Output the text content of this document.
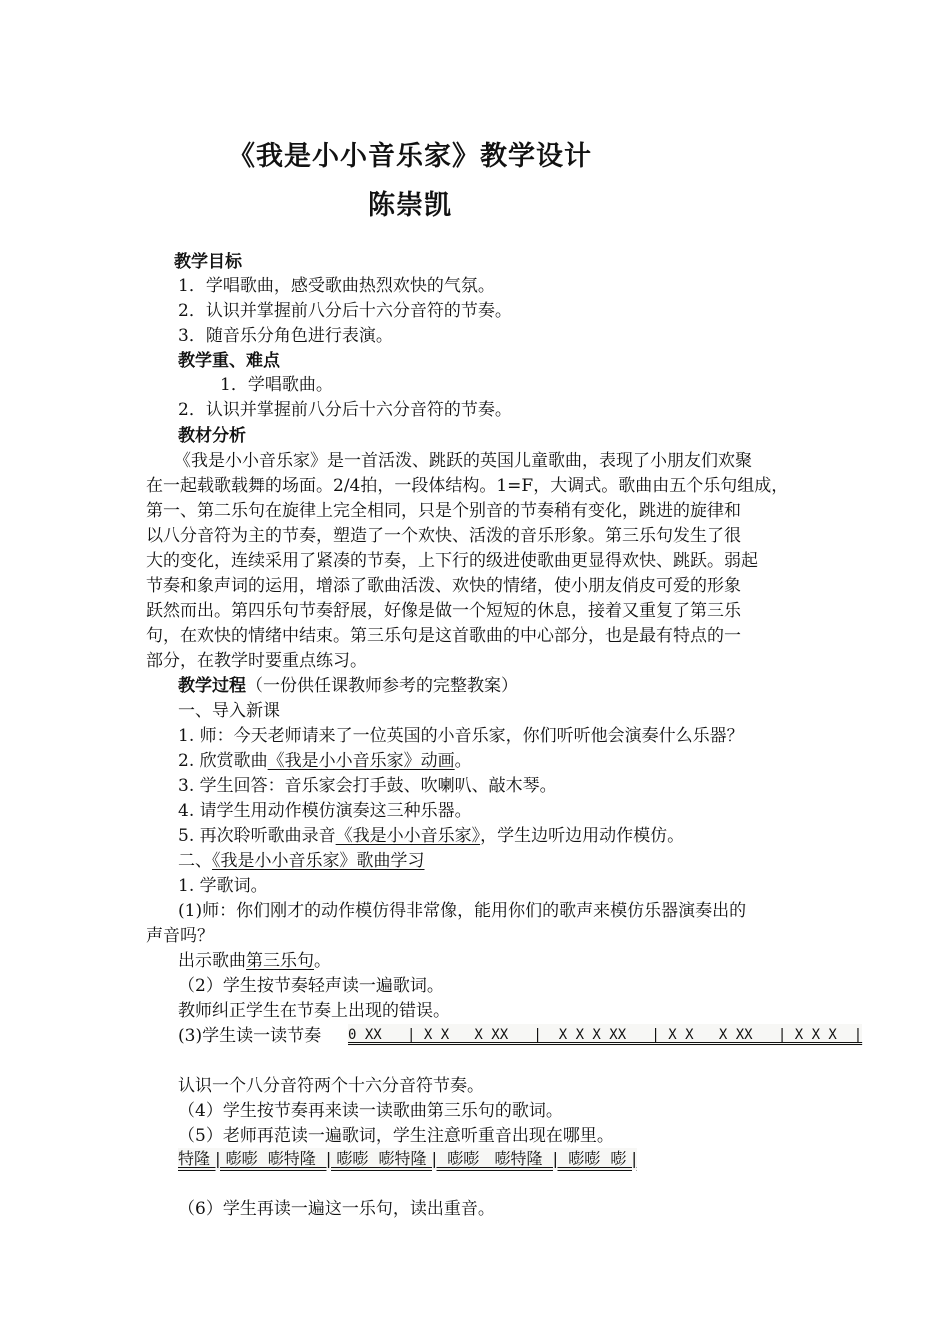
《我是小小音乐家》教学设计
陈崇凯
教学目标
1．学唱歌曲，感受歌曲热烈欢快的气氛。
2．认识并掌握前八分后十六分音符的节奏。
3．随音乐分角色进行表演。
教学重、难点
1．学唱歌曲。
2．认识并掌握前八分后十六分音符的节奏。
教材分析
《我是小小音乐家》是一首活泼、跳跃的英国儿童歌曲，表现了小朋友们欢聚
在一起载歌载舞的场面。2/4拍，一段体结构。1=F，大调式。歌曲由五个乐句组成，
第一、第二乐句在旋律上完全相同，只是个别音的节奏稍有变化，跳进的旋律和
以八分音符为主的节奏，塑造了一个欢快、活泼的音乐形象。第三乐句发生了很
大的变化，连续采用了紧凑的节奏，上下行的级进使歌曲更显得欢快、跳跃。弱起
节奏和象声词的运用，增添了歌曲活泼、欢快的情绪，使小朋友俏皮可爱的形象
跃然而出。第四乐句节奏舒展，好像是做一个短短的休息，接着又重复了第三乐
句，在欢快的情绪中结束。第三乐句是这首歌曲的中心部分，也是最有特点的一
部分，在教学时要重点练习。
教学过程（一份供任课教师参考的完整教案）
一、导入新课
1. 师：今天老师请来了一位英国的小音乐家，你们听听他会演奏什么乐器？
2. 欣赏歌曲《我是小小音乐家》动画。
3. 学生回答：音乐家会打手鼓、吹喇叭、敲木琴。
4. 请学生用动作模仿演奏这三种乐器。
5. 再次聆听歌曲录音《我是小小音乐家》，学生边听边用动作模仿。
二、《我是小小音乐家》歌曲学习
1. 学歌词。
(1)师：你们刚才的动作模仿得非常像，能用你们的歌声来模仿乐器演奏出的
声音吗？
出示歌曲第三乐句。
（2）学生按节奏轻声读一遍歌词。
教师纠正学生在节奏上出现的错误。
(3)学生读一读节奏 0 XX   | X X   X XX   |  X X X XX   | X X   X XX   | X X X  |
认识一个八分音符两个十六分音符节奏。
（4）学生按节奏再来读一读歌曲第三乐句的歌词。
（5）老师再范读一遍歌词，学生注意听重音出现在哪里。
特隆 | 嘭嘭  嘭特隆  | 嘭嘭  嘭特隆 |  嘭嘭   嘭特隆  |  嘭嘭  嘭 |
（6）学生再读一遍这一乐句，读出重音。
